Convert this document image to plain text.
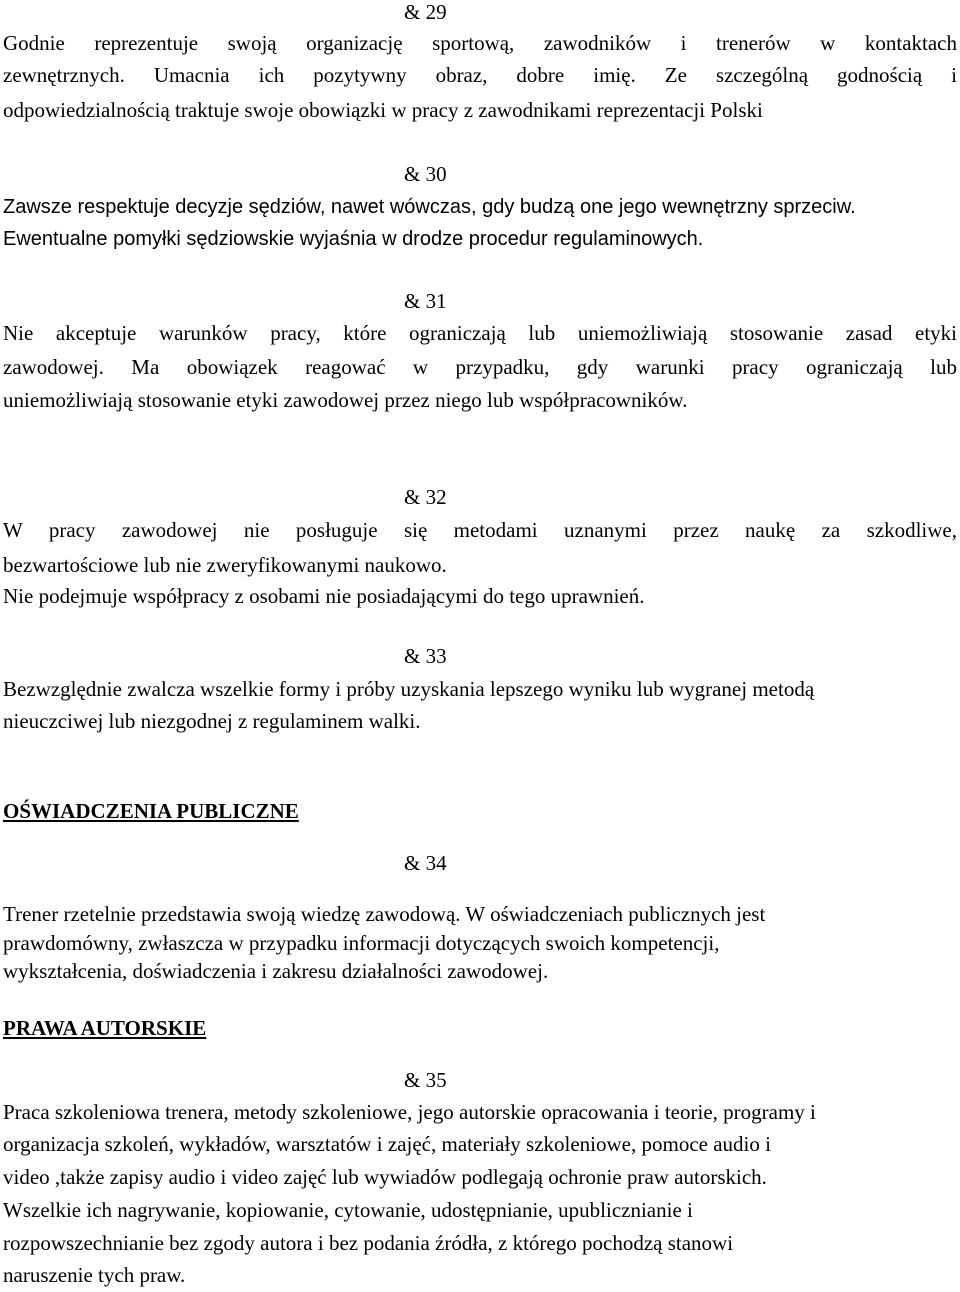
& 29
Godnie reprezentuje swoją organizację sportową, zawodników i trenerów w kontaktach
zewnętrznych. Umacnia ich pozytywny obraz, dobre imię. Ze szczególną godnością i
odpowiedzialnością traktuje swoje obowiązki w pracy z zawodnikami reprezentacji Polski
& 30
Zawsze respektuje decyzje sędziów, nawet wówczas, gdy budzą one jego wewnętrzny sprzeciw.
Ewentualne pomyłki sędziowskie wyjaśnia w drodze procedur regulaminowych.
& 31
Nie akceptuje warunków pracy, które ograniczają lub uniemożliwiają stosowanie zasad etyki
zawodowej. Ma obowiązek reagować w przypadku, gdy warunki pracy ograniczają lub
uniemożliwiają stosowanie etyki zawodowej przez niego lub współpracowników.
& 32
W pracy zawodowej nie posługuje się metodami uznanymi przez naukę za szkodliwe,
bezwartościowe lub nie zweryfikowanymi naukowo.
Nie podejmuje współpracy z osobami nie posiadającymi do tego uprawnień.
& 33
Bezwzględnie zwalcza wszelkie formy i próby uzyskania lepszego wyniku lub wygranej metodą
nieuczciwej lub niezgodnej z regulaminem walki.
OŚWIADCZENIA PUBLICZNE
& 34
Trener rzetelnie przedstawia swoją wiedzę zawodową. W oświadczeniach publicznych jest
prawdomówny, zwłaszcza w przypadku informacji dotyczących swoich kompetencji,
wykształcenia, doświadczenia i zakresu działalności zawodowej.
PRAWA AUTORSKIE
& 35
Praca szkoleniowa trenera, metody szkoleniowe, jego autorskie opracowania i teorie, programy i
organizacja szkoleń, wykładów, warsztatów i zajęć, materiały szkoleniowe, pomoce audio i
video ,także zapisy audio i video zajęć lub wywiadów podlegają ochronie praw autorskich.
Wszelkie ich nagrywanie, kopiowanie, cytowanie, udostępnianie, upublicznianie i
rozpowszechnianie bez zgody autora i bez podania źródła, z którego pochodzą stanowi
naruszenie tych praw.
